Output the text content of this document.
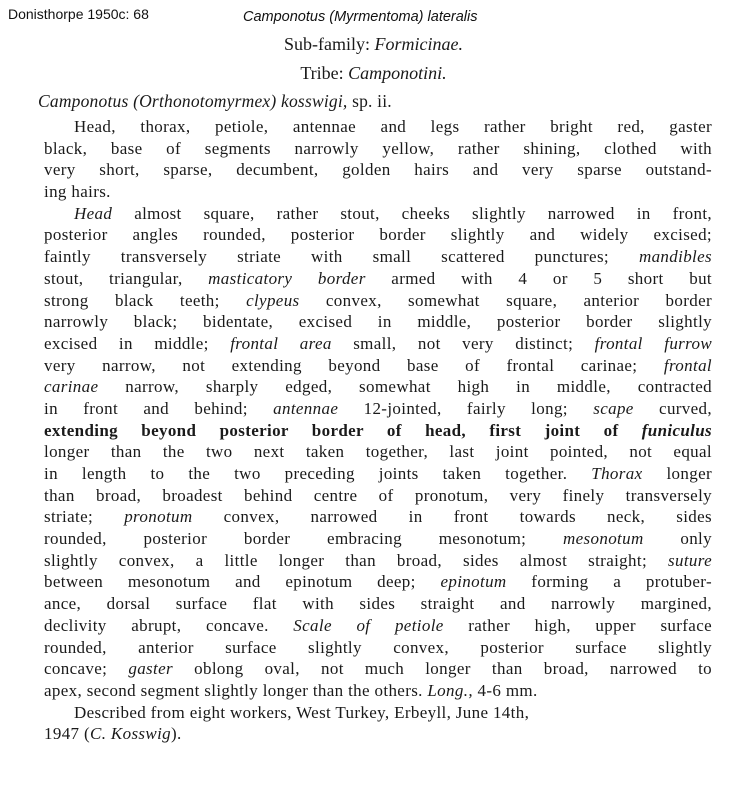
Donisthorpe 1950c: 68	Camponotus (Myrmentoma) lateralis
Sub-family: Formicinae.
Tribe: Camponotini.
Camponotus (Orthonotomyrmex) kosswigi, sp. ii.
Head, thorax, petiole, antennae and legs rather bright red, gaster
black, base of segments narrowly yellow, rather shining, clothed with
very short, sparse, decumbent, golden hairs and very sparse outstand-
ing hairs.
Head almost square, rather stout, cheeks slightly narrowed in front,
posterior angles rounded, posterior border slightly and widely excised;
faintly transversely striate with small scattered punctures; mandibles
stout, triangular, masticatory border armed with 4 or 5 short but
strong black teeth; clypeus convex, somewhat square, anterior border
narrowly black; bidentate, excised in middle, posterior border slightly
excised in middle; frontal area small, not very distinct; frontal furrow
very narrow, not extending beyond base of frontal carinae; frontal
carinae narrow, sharply edged, somewhat high in middle, contracted
in front and behind; antennae 12-jointed, fairly long; scape curved,
extending beyond posterior border of head, first joint of funiculus
longer than the two next taken together, last joint pointed, not equal
in length to the two preceding joints taken together. Thorax longer
than broad, broadest behind centre of pronotum, very finely transversely
striate; pronotum convex, narrowed in front towards neck, sides
rounded, posterior border embracing mesonotum; mesonotum only
slightly convex, a little longer than broad, sides almost straight; suture
between mesonotum and epinotum deep; epinotum forming a protuber-
ance, dorsal surface flat with sides straight and narrowly margined,
declivity abrupt, concave. Scale of petiole rather high, upper surface
rounded, anterior surface slightly convex, posterior surface slightly
concave; gaster oblong oval, not much longer than broad, narrowed to
apex, second segment slightly longer than the others. Long., 4-6 mm.
Described from eight workers, West Turkey, Erbeyll, June 14th,
1947 (C. Kosswig).
